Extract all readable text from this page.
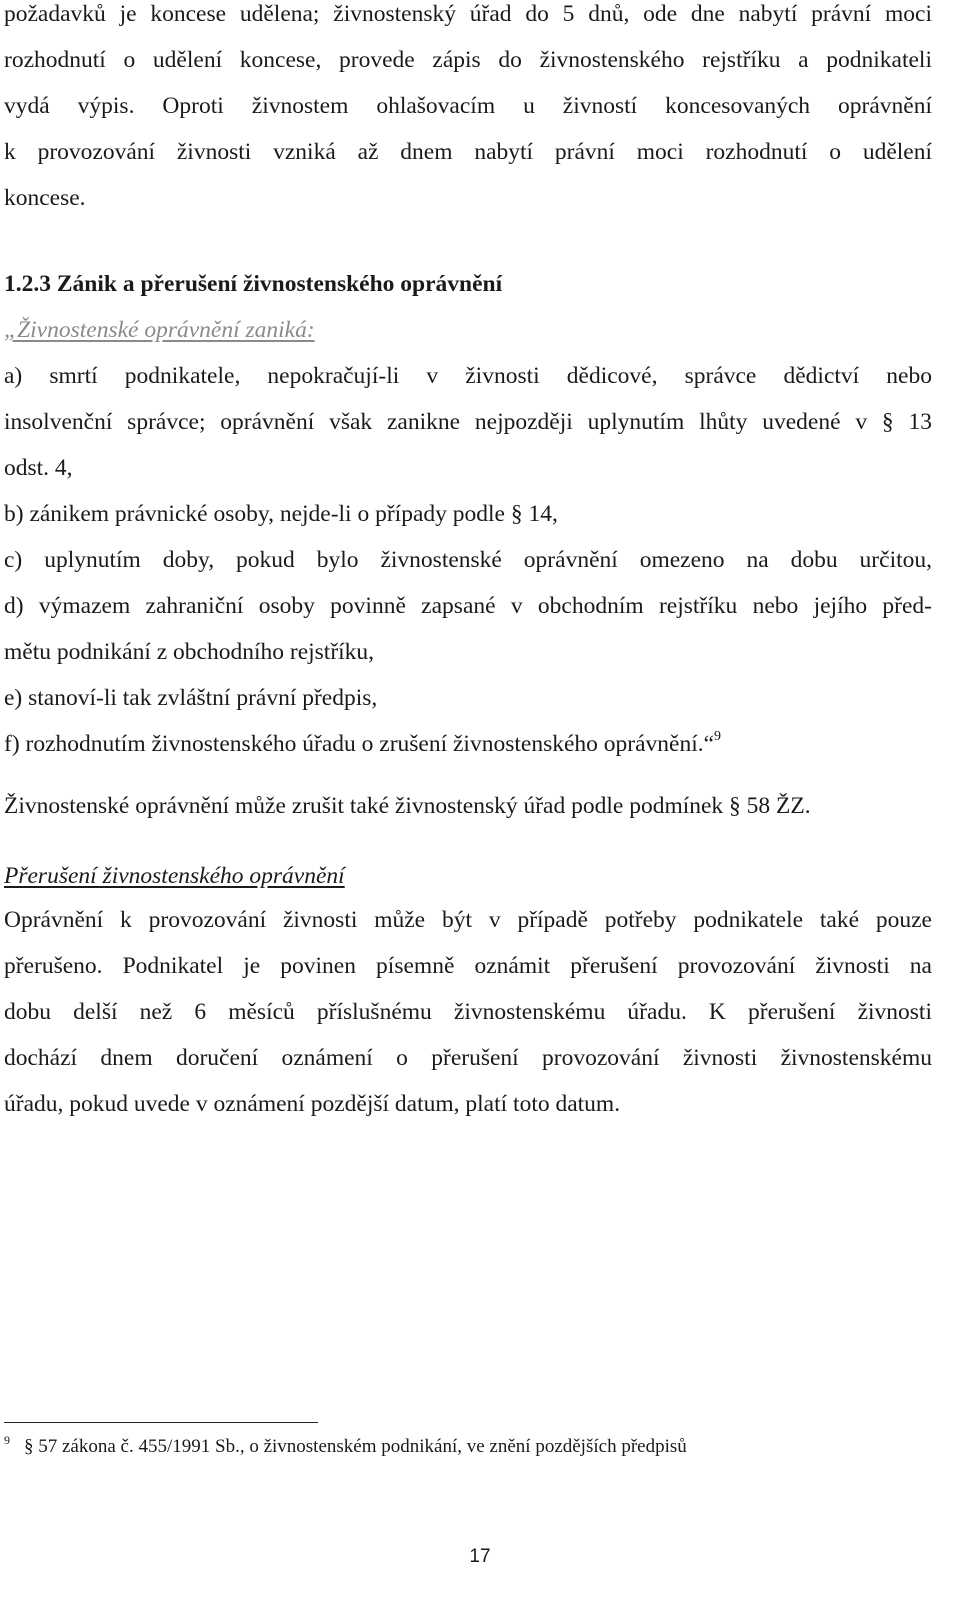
požadavků je koncese udělena; živnostenský úřad do 5 dnů, ode dne nabytí právní moci
rozhodnutí o udělení koncese, provede zápis do živnostenského rejstříku a podnikateli
vydá výpis. Oproti živnostem ohlašovacím u živností koncesovaných oprávnění
k provozování živnosti vzniká až dnem nabytí právní moci rozhodnutí o udělení
koncese.
1.2.3 Zánik a přerušení živnostenského oprávnění
„Živnostenské oprávnění zaniká:
a) smrtí podnikatele, nepokračují-li v živnosti dědicové, správce dědictví nebo
insolvenční správce; oprávnění však zanikne nejpozději uplynutím lhůty uvedené v § 13
odst. 4,
b) zánikem právnické osoby, nejde-li o případy podle § 14,
c) uplynutím doby, pokud bylo živnostenské oprávnění omezeno na dobu určitou,
d) výmazem zahraniční osoby povinně zapsané v obchodním rejstříku nebo jejího před-
mětu podnikání z obchodního rejstříku,
e) stanoví-li tak zvláštní právní předpis,
f) rozhodnutím živnostenského úřadu o zrušení živnostenského oprávnění.“$^9$
Živnostenské oprávnění může zrušit také živnostenský úřad podle podmínek § 58 ŽZ.
Přerušení živnostenského oprávnění
Oprávnění k provozování živnosti může být v případě potřeby podnikatele také pouze
přerušeno. Podnikatel je povinen písemně oznámit přerušení provozování živnosti na
dobu delší než 6 měsíců příslušnému živnostenskému úřadu. K přerušení živnosti
dochází dnem doručení oznámení o přerušení provozování živnosti živnostenskému
úřadu, pokud uvede v oznámení pozdější datum, platí toto datum.
$^9$ § 57 zákona č. 455/1991 Sb., o živnostenském podnikání, ve znění pozdějších předpisů
17
